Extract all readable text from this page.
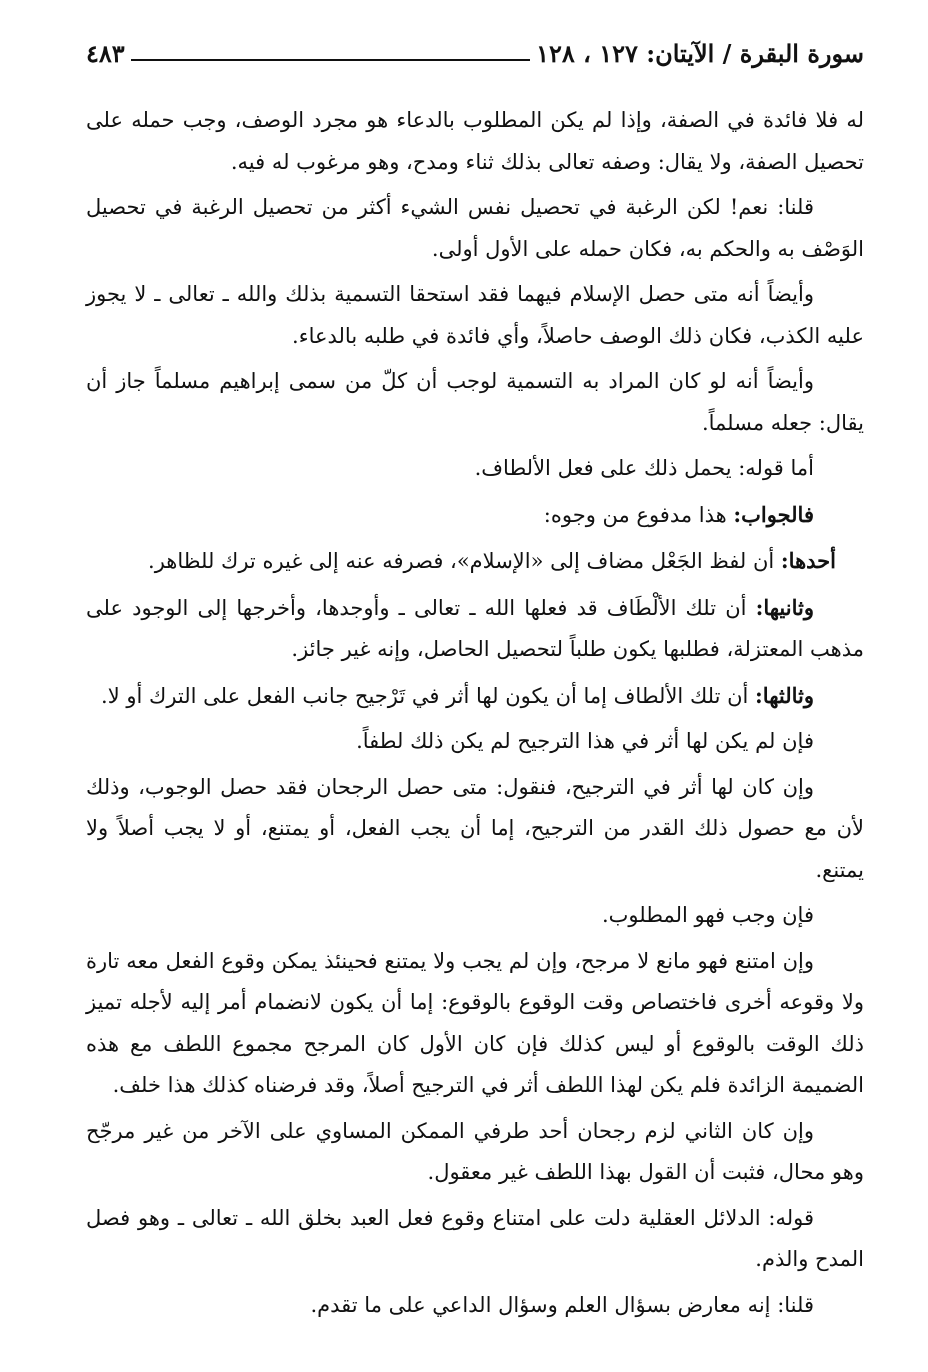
سورة البقرة / الآيتان: ١٢٧ ، ١٢٨
٤٨٣

له فلا فائدة في الصفة، وإذا لم يكن المطلوب بالدعاء هو مجرد الوصف، وجب حمله على تحصيل الصفة، ولا يقال: وصفه تعالى بذلك ثناء ومدح، وهو مرغوب له فيه.

قلنا: نعم! لكن الرغبة في تحصيل نفس الشيء أكثر من تحصيل الرغبة في تحصيل الوَصْف به والحكم به، فكان حمله على الأول أولى.

وأيضاً أنه متى حصل الإسلام فيهما فقد استحقا التسمية بذلك والله ـ تعالى ـ لا يجوز عليه الكذب، فكان ذلك الوصف حاصلاً، وأي فائدة في طلبه بالدعاء.

وأيضاً أنه لو كان المراد به التسمية لوجب أن كلّ من سمى إبراهيم مسلماً جاز أن يقال: جعله مسلماً.

أما قوله: يحمل ذلك على فعل الألطاف.

فالجواب: هذا مدفوع من وجوه:

أحدها: أن لفظ الجَعْل مضاف إلى «الإسلام»، فصرفه عنه إلى غيره ترك للظاهر.

وثانيها: أن تلك الألْطَاف قد فعلها الله ـ تعالى ـ وأوجدها، وأخرجها إلى الوجود على مذهب المعتزلة، فطلبها يكون طلباً لتحصيل الحاصل، وإنه غير جائز.

وثالثها: أن تلك الألطاف إما أن يكون لها أثر في تَرْجيح جانب الفعل على الترك أو لا.

فإن لم يكن لها أثر في هذا الترجيح لم يكن ذلك لطفاً.

وإن كان لها أثر في الترجيح، فنقول: متى حصل الرجحان فقد حصل الوجوب، وذلك لأن مع حصول ذلك القدر من الترجيح، إما أن يجب الفعل، أو يمتنع، أو لا يجب أصلاً ولا يمتنع.

فإن وجب فهو المطلوب.

وإن امتنع فهو مانع لا مرجح، وإن لم يجب ولا يمتنع فحينئذ يمكن وقوع الفعل معه تارة ولا وقوعه أخرى فاختصاص وقت الوقوع بالوقوع: إما أن يكون لانضمام أمر إليه لأجله تميز ذلك الوقت بالوقوع أو ليس كذلك فإن كان الأول كان المرجح مجموع اللطف مع هذه الضميمة الزائدة فلم يكن لهذا اللطف أثر في الترجيح أصلاً، وقد فرضناه كذلك هذا خلف.

وإن كان الثاني لزم رجحان أحد طرفي الممكن المساوي على الآخر من غير مرجّح وهو محال، فثبت أن القول بهذا اللطف غير معقول.

قوله: الدلائل العقلية دلت على امتناع وقوع فعل العبد بخلق الله ـ تعالى ـ وهو فصل المدح والذم.

قلنا: إنه معارض بسؤال العلم وسؤال الداعي على ما تقدم.
